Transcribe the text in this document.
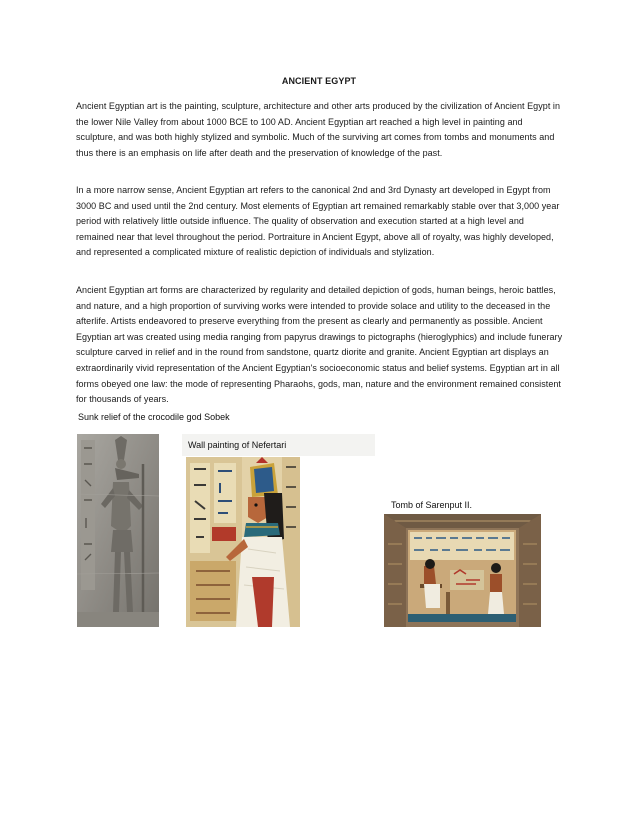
ANCIENT EGYPT

Ancient Egyptian art is the painting, sculpture, architecture and other arts produced by the civilization of Ancient Egypt in the lower Nile Valley from about 1000 BCE to 100 AD. Ancient Egyptian art reached a high level in painting and sculpture, and was both highly stylized and symbolic. Much of the surviving art comes from tombs and monuments and thus there is an emphasis on life after death and the preservation of knowledge of the past.

In a more narrow sense, Ancient Egyptian art refers to the canonical 2nd and 3rd Dynasty art developed in Egypt from 3000 BC and used until the 2nd century. Most elements of Egyptian art remained remarkably stable over that 3,000 year period with relatively little outside influence. The quality of observation and execution started at a high level and remained near that level throughout the period. Portraiture in Ancient Egypt, above all of royalty, was highly developed, and represented a complicated mixture of realistic depiction of individuals and stylization.

Ancient Egyptian art forms are characterized by regularity and detailed depiction of gods, human beings, heroic battles, and nature, and a high proportion of surviving works were intended to provide solace and utility to the deceased in the afterlife. Artists endeavored to preserve everything from the present as clearly and permanently as possible. Ancient Egyptian art was created using media ranging from papyrus drawings to pictographs (hieroglyphics) and include funerary sculpture carved in relief and in the round from sandstone, quartz diorite and granite. Ancient Egyptian art displays an extraordinarily vivid representation of the Ancient Egyptian's socioeconomic status and belief systems. Egyptian art in all forms obeyed one law: the mode of representing Pharaohs, gods, man, nature and the environment remained consistent for thousands of years.

Sunk relief of the crocodile god Sobek
Wall painting of Nefertari
Tomb of Sarenput II.
